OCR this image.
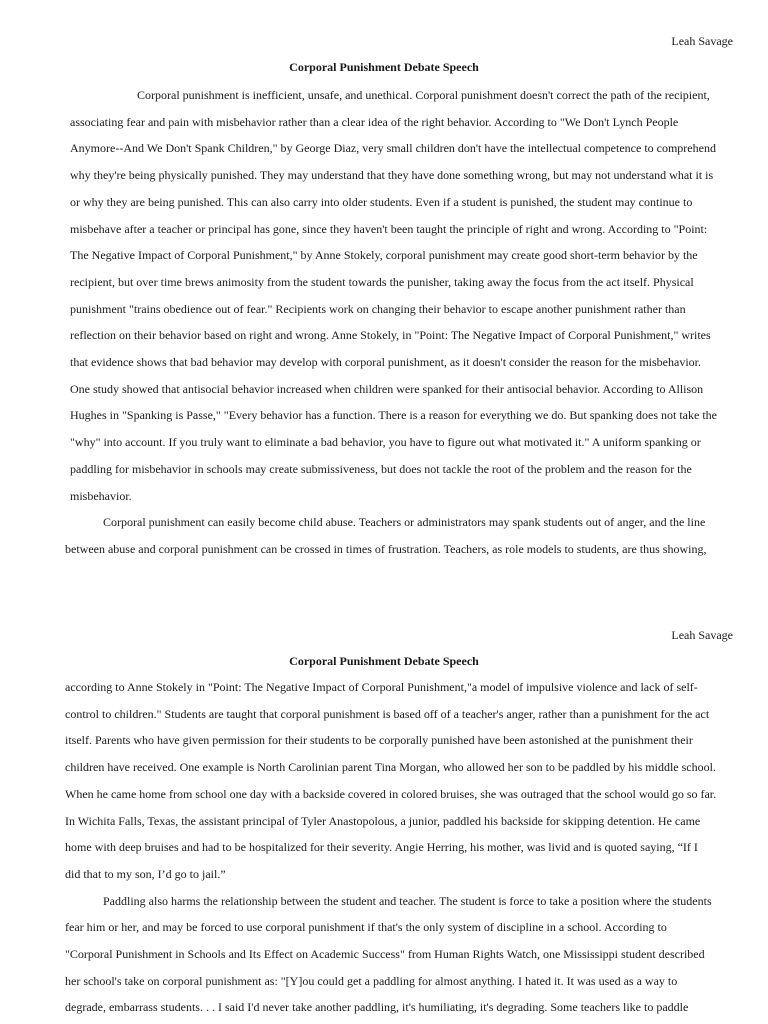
Leah Savage
Corporal Punishment Debate Speech
Corporal punishment is inefficient, unsafe, and unethical. Corporal punishment doesn't correct the path of the recipient,
associating fear and pain with misbehavior rather than a clear idea of the right behavior. According to "We Don't Lynch People
Anymore--And We Don't Spank Children," by George Diaz, very small children don't have the intellectual competence to comprehend
why they're being physically punished. They may understand that they have done something wrong, but may not understand what it is
or why they are being punished. This can also carry into older students. Even if a student is punished, the student may continue to
misbehave after a teacher or principal has gone, since they haven't been taught the principle of right and wrong. According to "Point:
The Negative Impact of Corporal Punishment," by Anne Stokely, corporal punishment may create good short-term behavior by the
recipient, but over time brews animosity from the student towards the punisher, taking away the focus from the act itself. Physical
punishment "trains obedience out of fear." Recipients work on changing their behavior to escape another punishment rather than
reflection on their behavior based on right and wrong. Anne Stokely, in "Point: The Negative Impact of Corporal Punishment," writes
that evidence shows that bad behavior may develop with corporal punishment, as it doesn't consider the reason for the misbehavior.
One study showed that antisocial behavior increased when children were spanked for their antisocial behavior. According to Allison
Hughes in "Spanking is Passe," "Every behavior has a function. There is a reason for everything we do. But spanking does not take the
"why" into account. If you truly want to eliminate a bad behavior, you have to figure out what motivated it." A uniform spanking or
paddling for misbehavior in schools may create submissiveness, but does not tackle the root of the problem and the reason for the
misbehavior.
Corporal punishment can easily become child abuse. Teachers or administrators may spank students out of anger, and the line
between abuse and corporal punishment can be crossed in times of frustration. Teachers, as role models to students, are thus showing,
Leah Savage
Corporal Punishment Debate Speech
according to Anne Stokely in "Point: The Negative Impact of Corporal Punishment,"a model of impulsive violence and lack of self-
control to children." Students are taught that corporal punishment is based off of a teacher's anger, rather than a punishment for the act
itself. Parents who have given permission for their students to be corporally punished have been astonished at the punishment their
children have received. One example is North Carolinian parent Tina Morgan, who allowed her son to be paddled by his middle school.
When he came home from school one day with a backside covered in colored bruises, she was outraged that the school would go so far.
In Wichita Falls, Texas, the assistant principal of Tyler Anastopolous, a junior, paddled his backside for skipping detention. He came
home with deep bruises and had to be hospitalized for their severity. Angie Herring, his mother, was livid and is quoted saying, “If I
did that to my son, I’d go to jail.”
Paddling also harms the relationship between the student and teacher. The student is force to take a position where the students
fear him or her, and may be forced to use corporal punishment if that's the only system of discipline in a school. According to
"Corporal Punishment in Schools and Its Effect on Academic Success" from Human Rights Watch, one Mississippi student described
her school's take on corporal punishment as: "[Y]ou could get a paddling for almost anything. I hated it. It was used as a way to
degrade, embarrass students. . . I said I'd never take another paddling, it's humiliating, it's degrading. Some teachers like to paddle
